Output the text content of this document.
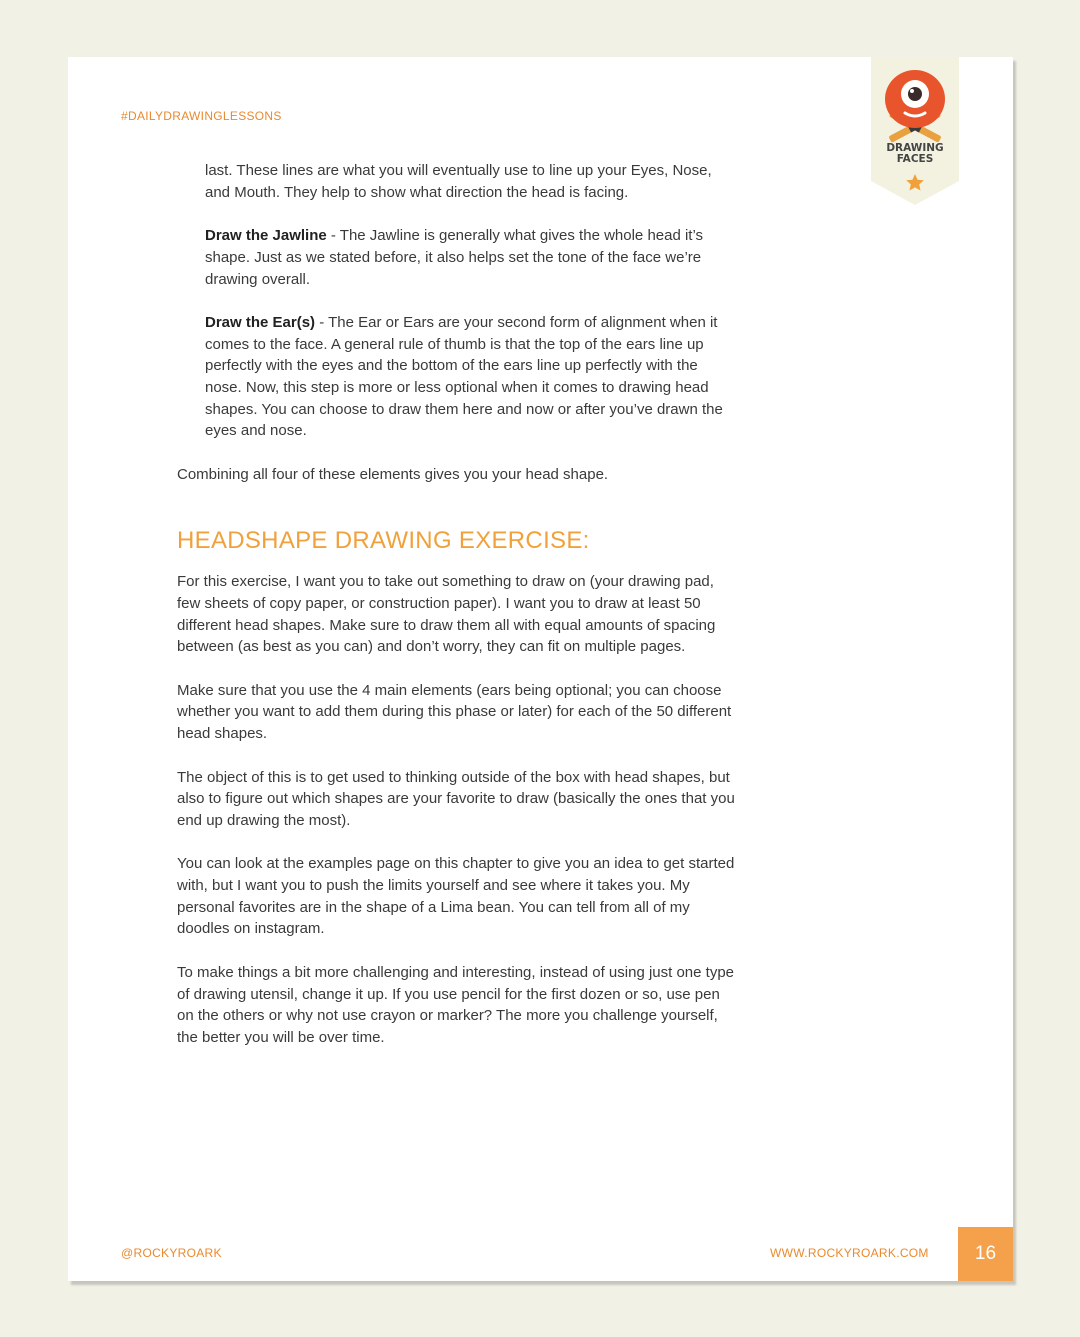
#DAILYDRAWINGLESSONS
DRAWING
FACES

last. These lines are what you will eventually use to line up your Eyes, Nose, and Mouth. They help to show what direction the head is facing.

Draw the Jawline - The Jawline is generally what gives the whole head it’s shape. Just as we stated before, it also helps set the tone of the face we’re drawing overall.

Draw the Ear(s) - The Ear or Ears are your second form of alignment when it comes to the face. A general rule of thumb is that the top of the ears line up perfectly with the eyes and the bottom of the ears line up perfectly with the nose. Now, this step is more or less optional when it comes to drawing head shapes. You can choose to draw them here and now or after you’ve drawn the eyes and nose.

Combining all four of these elements gives you your head shape.

HEADSHAPE DRAWING EXERCISE:

For this exercise, I want you to take out something to draw on (your drawing pad, few sheets of copy paper, or construction paper). I want you to draw at least 50 different head shapes. Make sure to draw them all with equal amounts of spacing between (as best as you can) and don’t worry, they can fit on multiple pages.

Make sure that you use the 4 main elements (ears being optional; you can choose whether you want to add them during this phase or later) for each of the 50 different head shapes.

The object of this is to get used to thinking outside of the box with head shapes, but also to figure out which shapes are your favorite to draw (basically the ones that you end up drawing the most).

You can look at the examples page on this chapter to give you an idea to get started with, but I want you to push the limits yourself and see where it takes you. My personal favorites are in the shape of a Lima bean. You can tell from all of my doodles on instagram.

To make things a bit more challenging and interesting, instead of using just one type of drawing utensil, change it up. If you use pencil for the first dozen or so, use pen on the others or why not use crayon or marker? The more you challenge yourself, the better you will be over time.

@ROCKYROARK	WWW.ROCKYROARK.COM	16
